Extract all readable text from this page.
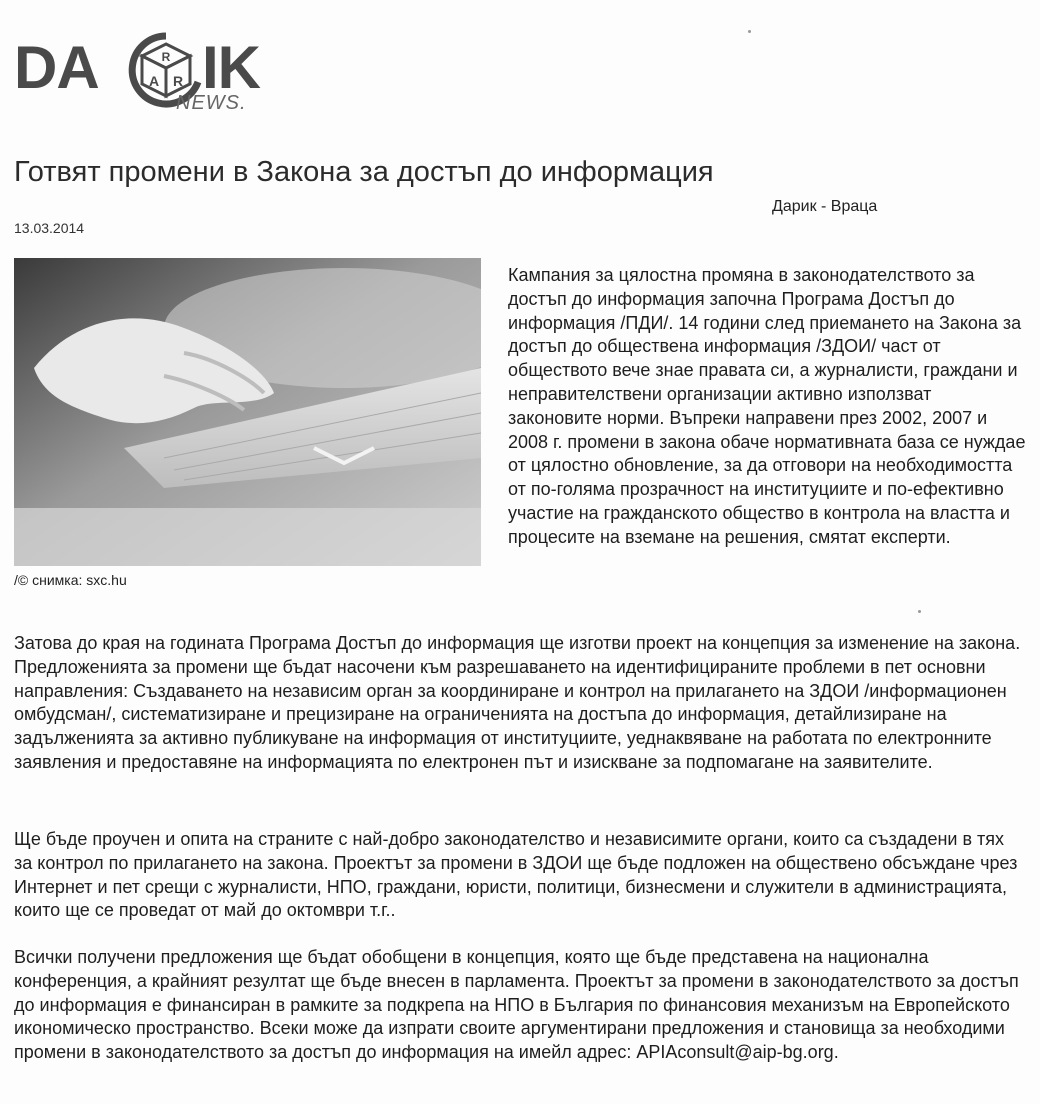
DA	R
A R IK
NEWS.
Готвят промени в Закона за достъп до информация
Дарик - Враца
13.03.2014
/© снимка: sxc.hu

Кампания за цялостна промяна в законодателството за достъп до информация започна Програма Достъп до информация /ПДИ/. 14 години след приемането на Закона за достъп до обществена информация /ЗДОИ/ част от обществото вече знае правата си, а журналисти, граждани и неправителствени организации активно използват законовите норми. Въпреки направени през 2002, 2007 и 2008 г. промени в закона обаче нормативната база се нуждае от цялостно обновление, за да отговори на необходимостта от по-голяма прозрачност на институциите и по-ефективно участие на гражданското общество в контрола на властта и процесите на вземане на решения, смятат експерти.

Затова до края на годината Програма Достъп до информация ще изготви проект на концепция за изменение на закона. Предложенията за промени ще бъдат насочени към разрешаването на идентифицираните проблеми в пет основни направления: Създаването на независим орган за координиране и контрол на прилагането на ЗДОИ /информационен омбудсман/, систематизиране и прецизиране на ограниченията на достъпа до информация, детайлизиране на задълженията за активно публикуване на информация от институциите, уеднаквяване на работата по електронните заявления и предоставяне на информацията по електронен път и изискване за подпомагане на заявителите.

Ще бъде проучен и опита на страните с най-добро законодателство и независимите органи, които са създадени в тях за контрол по прилагането на закона. Проектът за промени в ЗДОИ ще бъде подложен на обществено обсъждане чрез Интернет и пет срещи с журналисти, НПО, граждани, юристи, политици, бизнесмени и служители в администрацията, които ще се проведат от май до октомври т.г..

Всички получени предложения ще бъдат обобщени в концепция, която ще бъде представена на национална конференция, а крайният резултат ще бъде внесен в парламента. Проектът за промени в законодателството за достъп до информация е финансиран в рамките за подкрепа на НПО в България по финансовия механизъм на Европейското икономическо пространство. Всеки може да изпрати своите аргументирани предложения и становища за необходими промени в законодателството за достъп до информация на имейл адрес: APIAconsult@aip-bg.org.
